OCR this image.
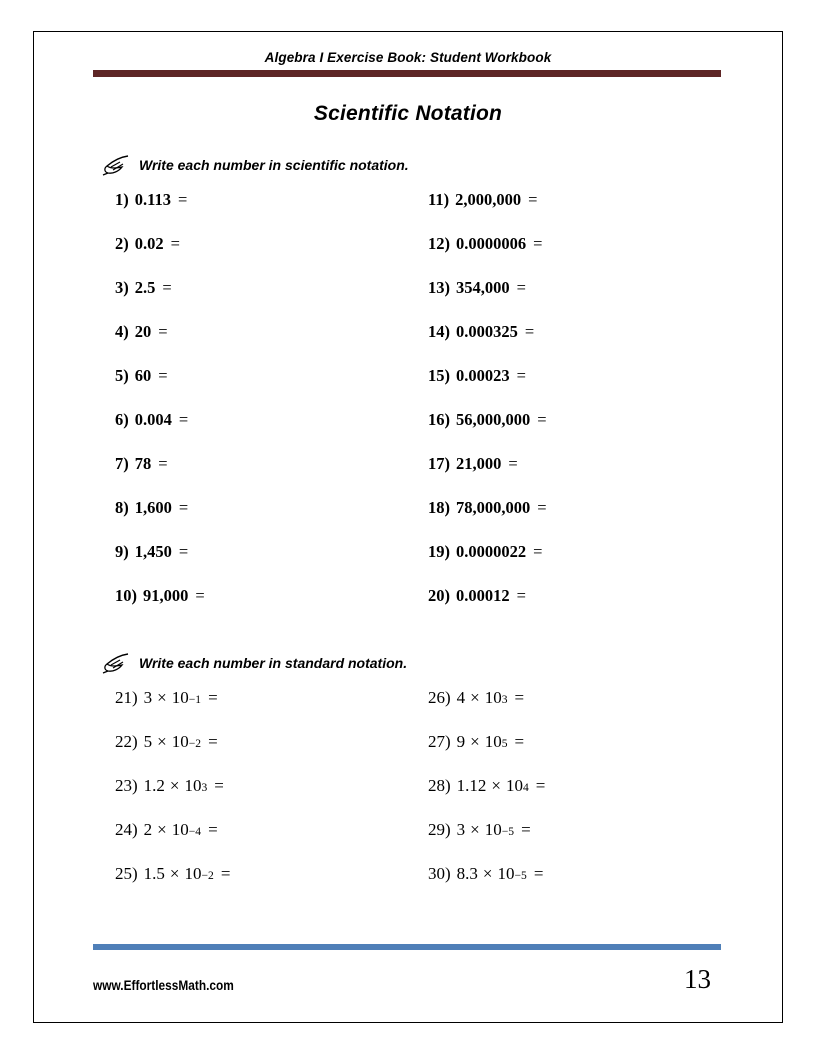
Algebra I Exercise Book: Student Workbook
Scientific Notation
Write each number in scientific notation.
1) 0.113 =
2) 0.02 =
3) 2.5 =
4) 20 =
5) 60 =
6) 0.004 =
7) 78 =
8) 1,600 =
9) 1,450 =
10) 91,000 =
11) 2,000,000 =
12) 0.0000006 =
13) 354,000 =
14) 0.000325 =
15) 0.00023 =
16) 56,000,000 =
17) 21,000 =
18) 78,000,000 =
19) 0.0000022 =
20) 0.00012 =
Write each number in standard notation.
21) 3 × 10 −1 =
22) 5 × 10 −2 =
23) 1.2 × 10 3 =
24) 2 × 10 −4 =
25) 1.5 × 10 −2 =
26) 4 × 10 3 =
27) 9 × 10 5 =
28) 1.12 × 10 4 =
29) 3 × 10 −5 =
30) 8.3 × 10 −5 =
www.EffortlessMath.com	13
